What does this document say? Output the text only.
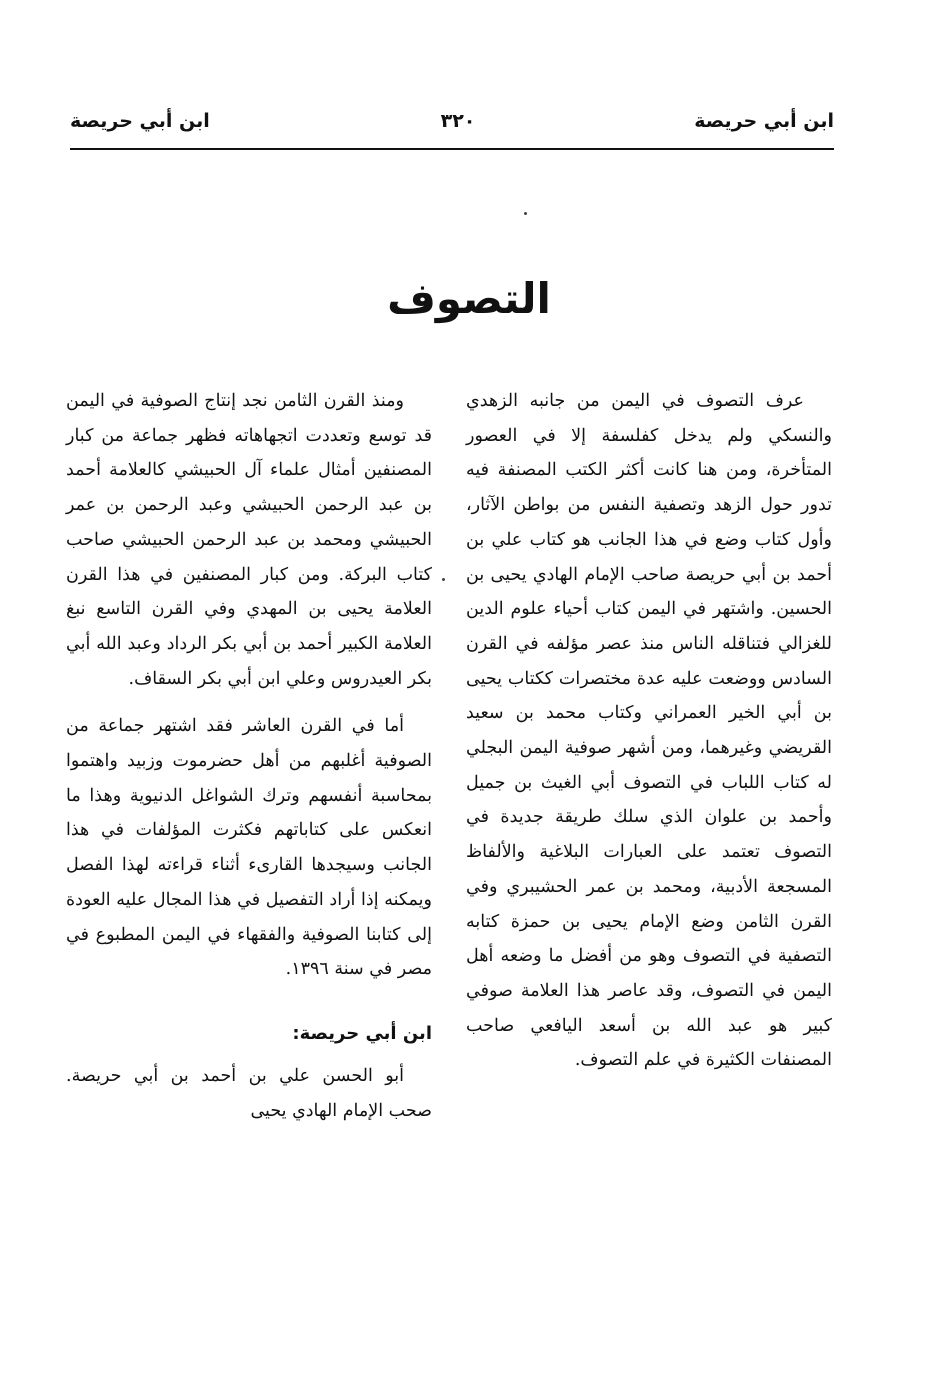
ابن أبي حريصة
٣٢٠
ابن أبي حريصة
التصوف

عرف التصوف في اليمن من جانبه الزهدي والنسكي ولم يدخل كفلسفة إلا في العصور المتأخرة، ومن هنا كانت أكثر الكتب المصنفة فيه تدور حول الزهد وتصفية النفس من بواطن الآثار، وأول كتاب وضع في هذا الجانب هو كتاب علي بن أحمد بن أبي حريصة صاحب الإمام الهادي يحيى بن الحسين. واشتهر في اليمن كتاب أحياء علوم الدين للغزالي فتناقله الناس منذ عصر مؤلفه في القرن السادس ووضعت عليه عدة مختصرات ككتاب يحيى بن أبي الخير العمراني وكتاب محمد بن سعيد القريضي وغيرهما، ومن أشهر صوفية اليمن البجلي له كتاب اللباب في التصوف أبي الغيث بن جميل وأحمد بن علوان الذي سلك طريقة جديدة في التصوف تعتمد على العبارات البلاغية والألفاظ المسجعة الأدبية، ومحمد بن عمر الحشيبري وفي القرن الثامن وضع الإمام يحيى بن حمزة كتابه التصفية في التصوف وهو من أفضل ما وضعه أهل اليمن في التصوف، وقد عاصر هذا العلامة صوفي كبير هو عبد الله بن أسعد اليافعي صاحب المصنفات الكثيرة في علم التصوف.

ومنذ القرن الثامن نجد إنتاج الصوفية في اليمن قد توسع وتعددت اتجهاهاته فظهر جماعة من كبار المصنفين أمثال علماء آل الحبيشي كالعلامة أحمد بن عبد الرحمن الحبيشي وعبد الرحمن بن عمر الحبيشي ومحمد بن عبد الرحمن الحبيشي صاحب كتاب البركة. ومن كبار المصنفين في هذا القرن العلامة يحيى بن المهدي وفي القرن التاسع نبغ العلامة الكبير أحمد بن أبي بكر الرداد وعبد الله أبي بكر العيدروس وعلي ابن أبي بكر السقاف.

أما في القرن العاشر فقد اشتهر جماعة من الصوفية أغلبهم من أهل حضرموت وزبيد واهتموا بمحاسبة أنفسهم وترك الشواغل الدنيوية وهذا ما انعكس على كتاباتهم فكثرت المؤلفات في هذا الجانب وسيجدها القارىء أثناء قراءته لهذا الفصل ويمكنه إذا أراد التفصيل في هذا المجال عليه العودة إلى كتابنا الصوفية والفقهاء في اليمن المطبوع في مصر في سنة ١٣٩٦.

ابن أبي حريصة:

أبو الحسن علي بن أحمد بن أبي حريصة. صحب الإمام الهادي يحيى
